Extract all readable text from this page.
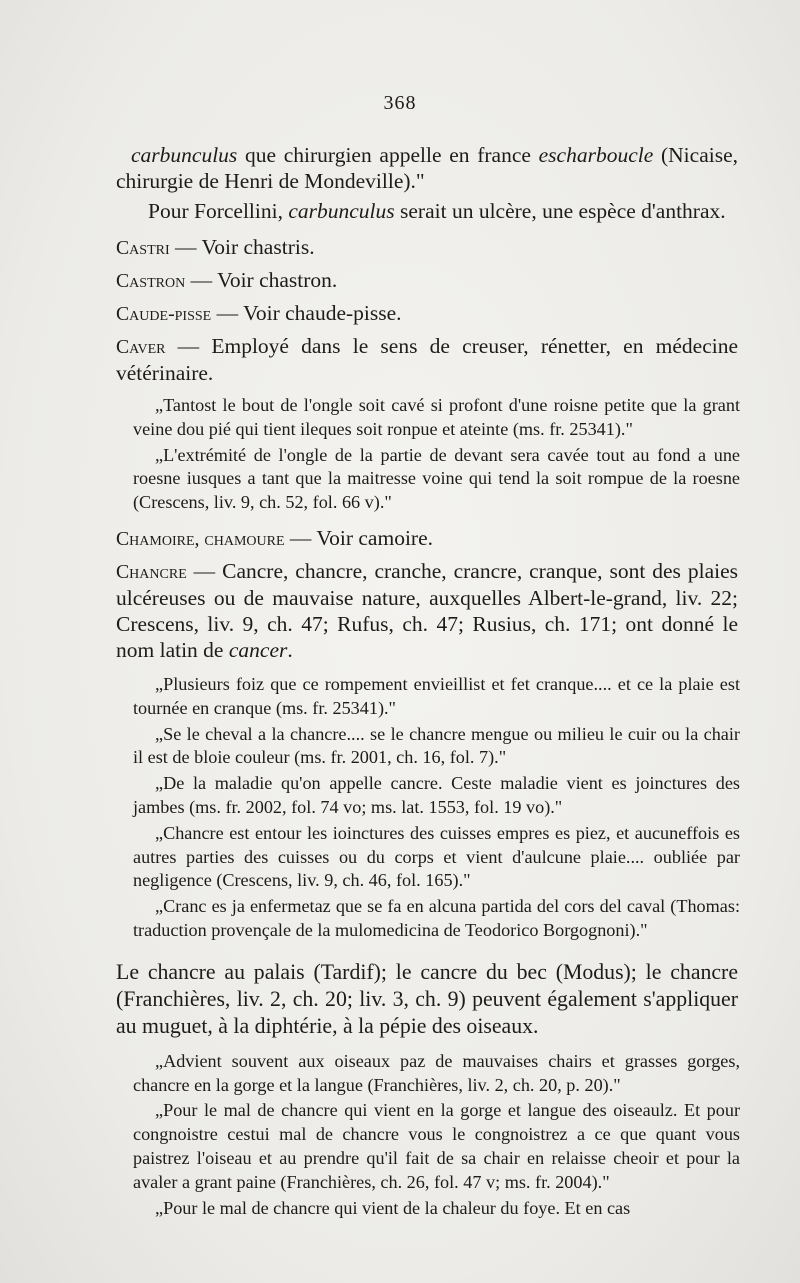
368

carbunculus que chirurgien appelle en france escharboucle (Nicaise, chirurgie de Henri de Mondeville)."

Pour Forcellini, carbunculus serait un ulcère, une espèce d'anthrax.

Castri — Voir chastris.

Castron — Voir chastron.

Caude-pisse — Voir chaude-pisse.

Caver — Employé dans le sens de creuser, rénetter, en médecine vétérinaire.

„Tantost le bout de l'ongle soit cavé si profont d'une roisne petite que la grant veine dou pié qui tient ileques soit ronpue et ateinte (ms. fr. 25341)."

„L'extrémité de l'ongle de la partie de devant sera cavée tout au fond a une roesne iusques a tant que la maitresse voine qui tend la soit rompue de la roesne (Crescens, liv. 9, ch. 52, fol. 66 v)."

Chamoire, chamoure — Voir camoire.

Chancre — Cancre, chancre, cranche, crancre, cranque, sont des plaies ulcéreuses ou de mauvaise nature, auxquelles Albert-le-grand, liv. 22; Crescens, liv. 9, ch. 47; Rufus, ch. 47; Rusius, ch. 171; ont donné le nom latin de cancer.

„Plusieurs foiz que ce rompement envieillist et fet cranque.... et ce la plaie est tournée en cranque (ms. fr. 25341)."

„Se le cheval a la chancre.... se le chancre mengue ou milieu le cuir ou la chair il est de bloie couleur (ms. fr. 2001, ch. 16, fol. 7)."

„De la maladie qu'on appelle cancre. Ceste maladie vient es joinctures des jambes (ms. fr. 2002, fol. 74 vo; ms. lat. 1553, fol. 19 vo)."

„Chancre est entour les ioinctures des cuisses empres es piez, et aucuneffois es autres parties des cuisses ou du corps et vient d'aulcune plaie.... oubliée par negligence (Crescens, liv. 9, ch. 46, fol. 165)."

„Cranc es ja enfermetaz que se fa en alcuna partida del cors del caval (Thomas: traduction provençale de la mulomedicina de Teodorico Borgognoni)."

Le chancre au palais (Tardif); le cancre du bec (Modus); le chancre (Franchières, liv. 2, ch. 20; liv. 3, ch. 9) peuvent également s'appliquer au muguet, à la diphtérie, à la pépie des oiseaux.

„Advient souvent aux oiseaux paz de mauvaises chairs et grasses gorges, chancre en la gorge et la langue (Franchières, liv. 2, ch. 20, p. 20)."

„Pour le mal de chancre qui vient en la gorge et langue des oiseaulz. Et pour congnoistre cestui mal de chancre vous le congnoistrez a ce que quant vous paistrez l'oiseau et au prendre qu'il fait de sa chair en relaisse cheoir et pour la avaler a grant paine (Franchières, ch. 26, fol. 47 v; ms. fr. 2004)."

„Pour le mal de chancre qui vient de la chaleur du foye. Et en cas
